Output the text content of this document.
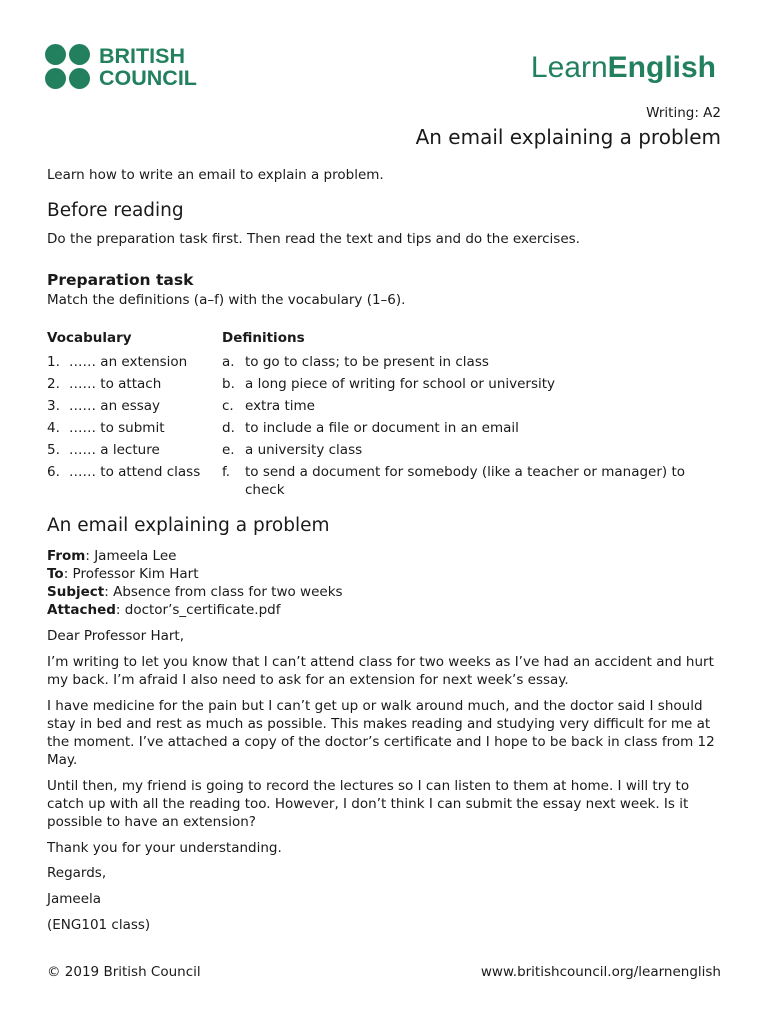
BRITISH
COUNCIL	LearnEnglish
Writing: A2
An email explaining a problem
Learn how to write an email to explain a problem.
Before reading
Do the preparation task first. Then read the text and tips and do the exercises.
Preparation task
Match the definitions (a–f) with the vocabulary (1–6).
Vocabulary	Definitions
1. …… an extension	a. to go to class; to be present in class
2. …… to attach	b. a long piece of writing for school or university
3. …… an essay	c. extra time
4. …… to submit	d. to include a file or document in an email
5. …… a lecture	e. a university class
6. …… to attend class f. to send a document for somebody (like a teacher or manager) to check
An email explaining a problem
From: Jameela Lee
To: Professor Kim Hart
Subject: Absence from class for two weeks
Attached: doctor’s_certificate.pdf
Dear Professor Hart,
I’m writing to let you know that I can’t attend class for two weeks as I’ve had an accident and hurt my back. I’m afraid I also need to ask for an extension for next week’s essay.
I have medicine for the pain but I can’t get up or walk around much, and the doctor said I should stay in bed and rest as much as possible. This makes reading and studying very difficult for me at the moment. I’ve attached a copy of the doctor’s certificate and I hope to be back in class from 12 May.
Until then, my friend is going to record the lectures so I can listen to them at home. I will try to catch up with all the reading too. However, I don’t think I can submit the essay next week. Is it possible to have an extension?
Thank you for your understanding.
Regards,
Jameela
(ENG101 class)
© 2019 British Council	www.britishcouncil.org/learnenglish
